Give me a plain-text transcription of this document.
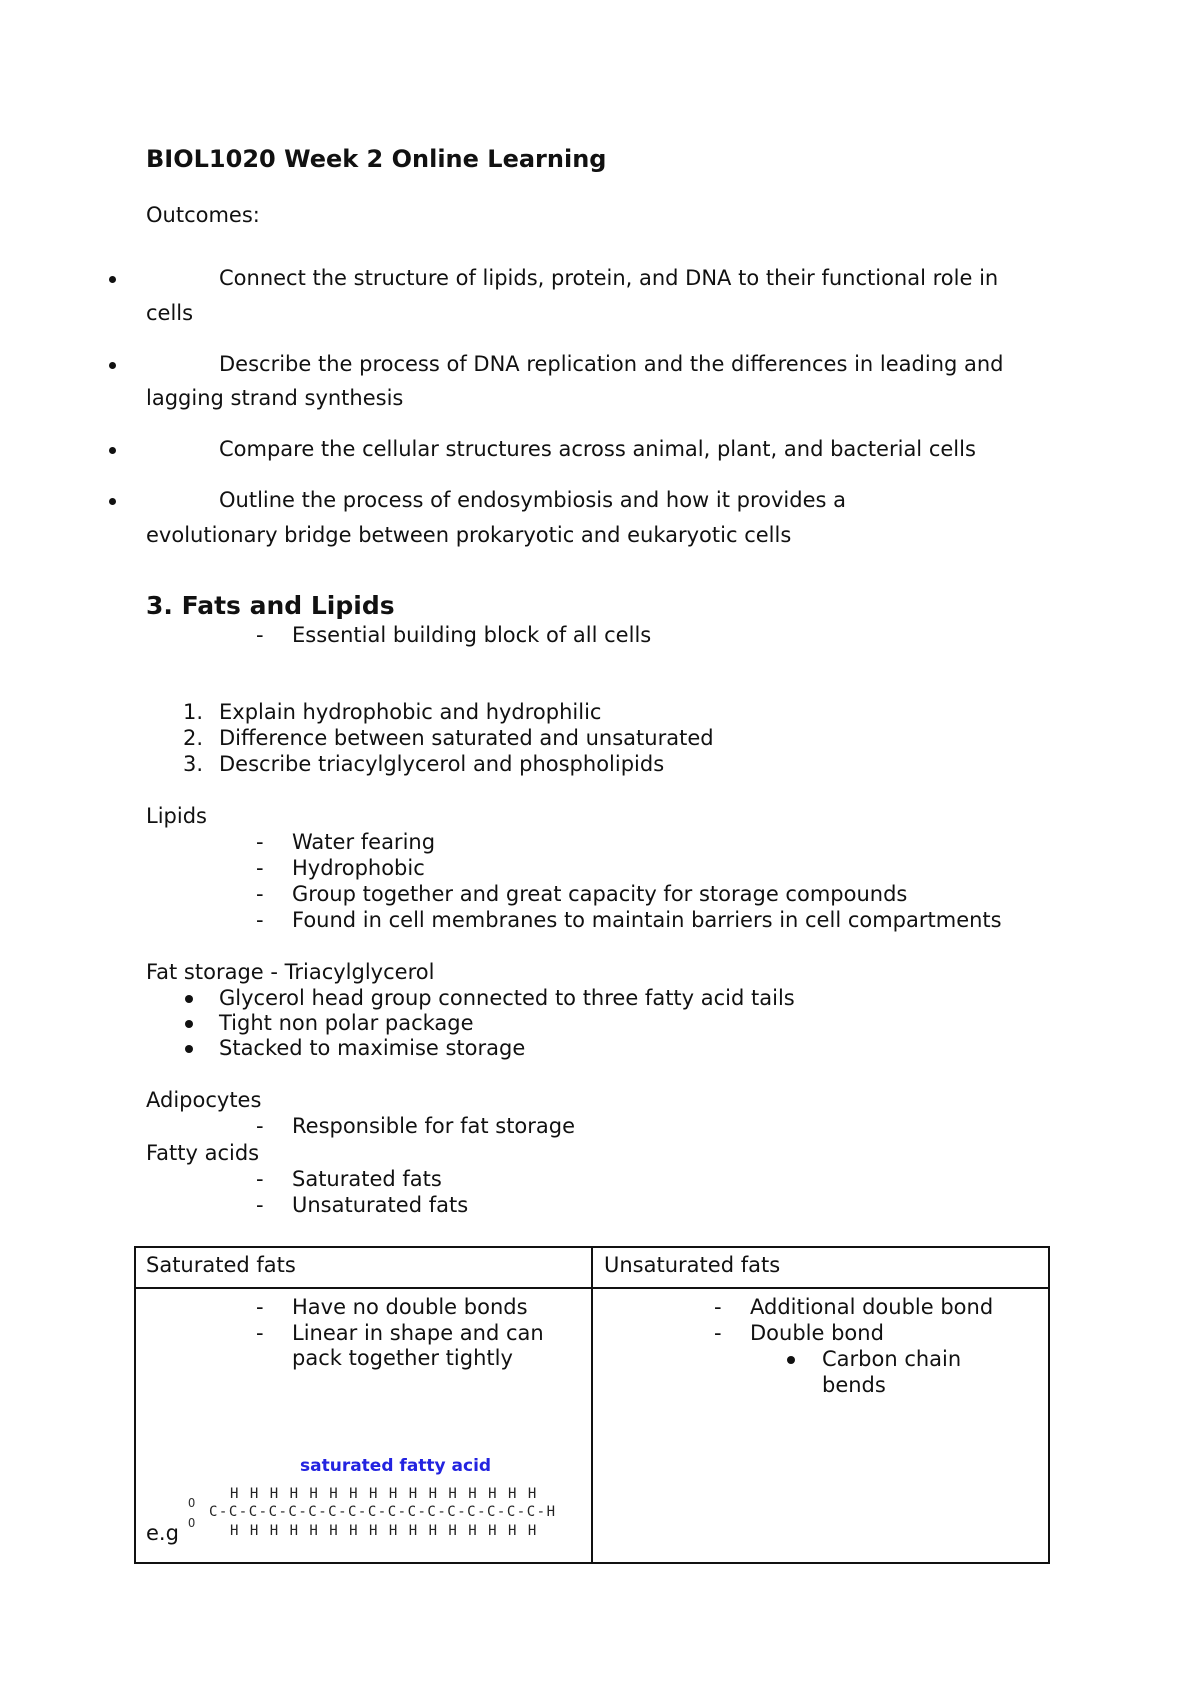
BIOL1020 Week 2 Online Learning
Outcomes:
Connect the structure of lipids, protein, and DNA to their functional role in
cells
Describe the process of DNA replication and the differences in leading and
lagging strand synthesis
Compare the cellular structures across animal, plant, and bacterial cells
Outline the process of endosymbiosis and how it provides a
evolutionary bridge between prokaryotic and eukaryotic cells
3. Fats and Lipids
- Essential building block of all cells
1. Explain hydrophobic and hydrophilic
2. Difference between saturated and unsaturated
3. Describe triacylglycerol and phospholipids
Lipids
- Water fearing
- Hydrophobic
- Group together and great capacity for storage compounds
- Found in cell membranes to maintain barriers in cell compartments
Fat storage - Triacylglycerol
Glycerol head group connected to three fatty acid tails
Tight non polar package
Stacked to maximise storage
Adipocytes
- Responsible for fat storage
Fatty acids
- Saturated fats
- Unsaturated fats
Saturated fats	Unsaturated fats
- Have no double bonds
- Linear in shape and can
pack together tightly
- Additional double bond
- Double bond
Carbon chain
bends
e.g
saturated fatty acid
H H H H H H H H H H H H H H H H
O
C-C-C-C-C-C-C-C-C-C-C-C-C-C-C-C-C-H
O H H H H H H H H H H H H H H H H
